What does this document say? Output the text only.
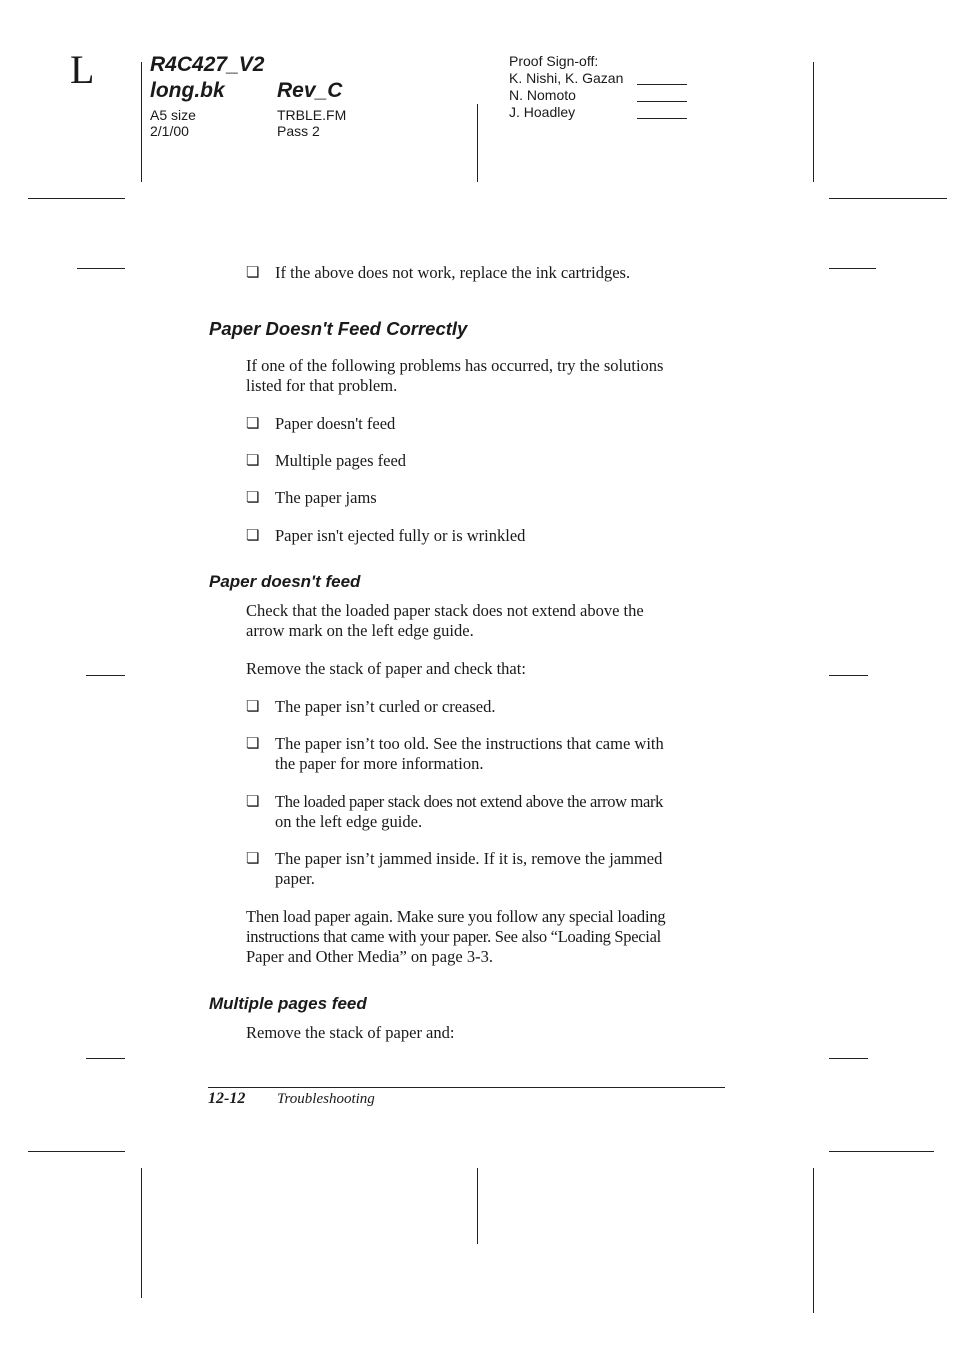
L	R4C427_V2
long.bk Rev_C
A5 size
2/1/00
TRBLE.FM
Pass 2
Proof Sign-off:
K. Nishi, K. Gazan
N. Nomoto
J. Hoadley
❏ If the above does not work, replace the ink cartridges.
Paper Doesn't Feed Correctly
If one of the following problems has occurred, try the solutions
listed for that problem.
❏ Paper doesn't feed
❏ Multiple pages feed
❏ The paper jams
❏ Paper isn't ejected fully or is wrinkled
Paper doesn't feed
Check that the loaded paper stack does not extend above the
arrow mark on the left edge guide.
Remove the stack of paper and check that:
❏ The paper isn’t curled or creased.
❏ The paper isn’t too old. See the instructions that came with
the paper for more information.
❏ The loaded paper stack does not extend above the arrow mark
on the left edge guide.
❏ The paper isn’t jammed inside. If it is, remove the jammed
paper.
Then load paper again. Make sure you follow any special loading
instructions that came with your paper. See also “Loading Special
Paper and Other Media” on page 3-3.
Multiple pages feed
Remove the stack of paper and:
12-12 Troubleshooting
